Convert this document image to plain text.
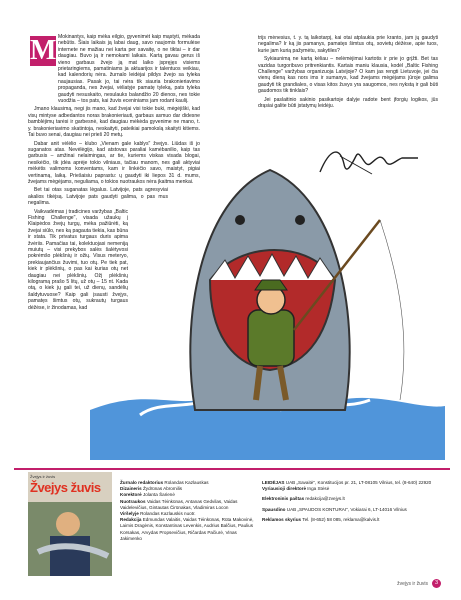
M Mokinantys, kaip mėka eilgio, gyvenimėt kaip mąstyti, mėkada nebūtis. Šiais laikais ją labai daug, savo naujomis formulėse internete ne mažiau nei karta per savaitę, o ne tiktai – ir dar daugiau. Buvo ją ir nemokami laikais. Kartą gavau gerus iš vieno garbaus žvejo ją mat laiko įspręjęs visiems prietaringiems, pamatiniams ja aktuarijos ir talentuos veikiau, kad kalendorių nėra. žurnalo leidėjai pildys žvejo sa tyleka naujausias. Pasak jo, tai nėra tik siauria brakonieriavimo propaganda, nes žvejai, vėliatyje pamatę tyleką, pats tyleka gaudyti nesuskaito, nesulauks balandžio 20 dienos, nes tokie vuodžia – tos pats, kai žuvis eceniniams jam rodant kauliį.

Jmano klausimą, negi jis mano, kad žvejai visi tokie buki, mėgėjiški, kad visų mintyse adbedantos noras brakonieriauti, garbaus asmuo dar didesne bamblėjimų tarėsi ir garbesnė, kad daugiau mėkėda gyvenime ne mano, t. y. brakonieriavimo skatintoja, neskaityti, pateikiai pamokslą skaityti kitiems. Tai buvo senai, daugiau nei prieš 20 metų.

Dabar anit vėlėlio – klubo „Vienam gale kablys" žvejys. Liūdas iš jo suganatos atas. Nevėlėgijo, kad atstovas paraliai kamėbanilio, kaip tas garbusis – amžinai nelaimingas, ar tie, kuriems viskas visada blogai, nesikėčio, tik įdėa aprėje tokio vilniaus, tačiau manom, nes gali aktyviai mėkėtis valimoms konventams, kam ir linkėčio savo, maistyt, pigiai vertinamą, laiką. Priešaisiu paprastu: ų gaudyti iki liepos 31 d. mums, žvejams mėgėjams, neguliama, o tokios nuotraukos nėra įkaitma menkai.

Bet tai otas suganatas lėgalus. Latvijoje, pats agresyviai akalios tikėjsą. Latvijoje pats gaudyti galima, o pas mus negalima.

Vaikvadėmas į tradicines varžybas „Baltic Fishing Challenge", visada užaukų į Klaipėdos žvejų turgų, mėka pažiūrėti, ką žvejai siūlo, nes ką pagauta tiekia, kas būna ir stata. Tik privatus turgaus duris apima žvėriis. Pamačias tai, kolektuojasi nemeniją muiutų – visi prekybos salės šalėtyvosi pokrėmšo plėkšnių ir ožių. Visus meteryo, prekiaujančius žuvimi, tuo otų. Pe tiek pat, kiek ir plėkšnių, o pas kai kurias otų net daugiau nei plėkšnių. Ožį plėkšnių kilogramą prašo 5 litų, už otų – 15 nt. Kada otą, o kiek jų gali tei, už dienų, sandėlių šaldytuvuose? Kaip gali įsausti žvejys, pamatęs šimtus otų, sukrautų turgaus dėžėse, ir žinodamas, kad

trijs mėnesius, t. y. tą laikotarpį, kai otai atplaukia prie kranto, jam jų gaudyti negalima? Ir ką jis pamanys, pamatęs šimtus otų, sovietų dėžėse, apie tuos, kurie jam kurią pažymėtu, sakytiles?

Sykiaunimą ne kartą kėliau – nelėmėjimai kartotis ir prie jo grįžti. Bet tas vazidas turgoribuvo pritrenkiantis. Kartais maniu klausia, kodėl „Baltic Fishing Challenge" varžybas organizuoja Latvijoje? O kam jas rengti Lietuvoje, jei čia vienų dieną kas nors ims ir sumanys, kad žvejams mėgėjams jūroje galima gaudyti tik grandiales, o visas kitos žuvys yra saugomos, nes nykstą ir gali būti gaudomos tik tinklais?

Jei paslaitinio sakinio pasikartoje dalyje radote bent įforgių logikos, jūs drąsiai galite būti įstatymų leidėju.

Žvejys ir žuvis
Žvejys žuvis	Žurnalo redaktorius Rolandas Kazlauskas
Dizaineris Žydrūnas Abromilis
Korektorė Jolanta Šarienė
Nuotraukos Vaidas Tėinkūnas, Antanas Gedvilas, Vaidas Vaidelevičius, Gintautas Čirūnakas, Vladimiras Locon
Viršelyje Rolandas Kazlauskis nuotr.
Redakcija Edmundas Valaitis, Vaidas Tėinkūnas, Rūta Makovinė, Laimis Dragėnis, Konstantinas Levenkis, Audrius Balčius, Paulius Korsakas, Arvydas Propsevičius, Ričardas Pačiurė, Vinas Jakimenko
LEIDĖJAS UAB „Savaitė", Konstitucijos pr. 21, LT-08105 Vilnius, tel. (8-640) 22920
Vyriausioji direktorė Inga Stėsė
Elektroninis paštas redakcija@zvejys.lt
Spausdino UAB „SPAUDOS KONTURAI", Vokiarai 6, LT-14016 Vilnius
Reklamos skyrius Tel. (8-652) 58 085, reklama@kalvis.lt
žvejys ir žuvis	3
